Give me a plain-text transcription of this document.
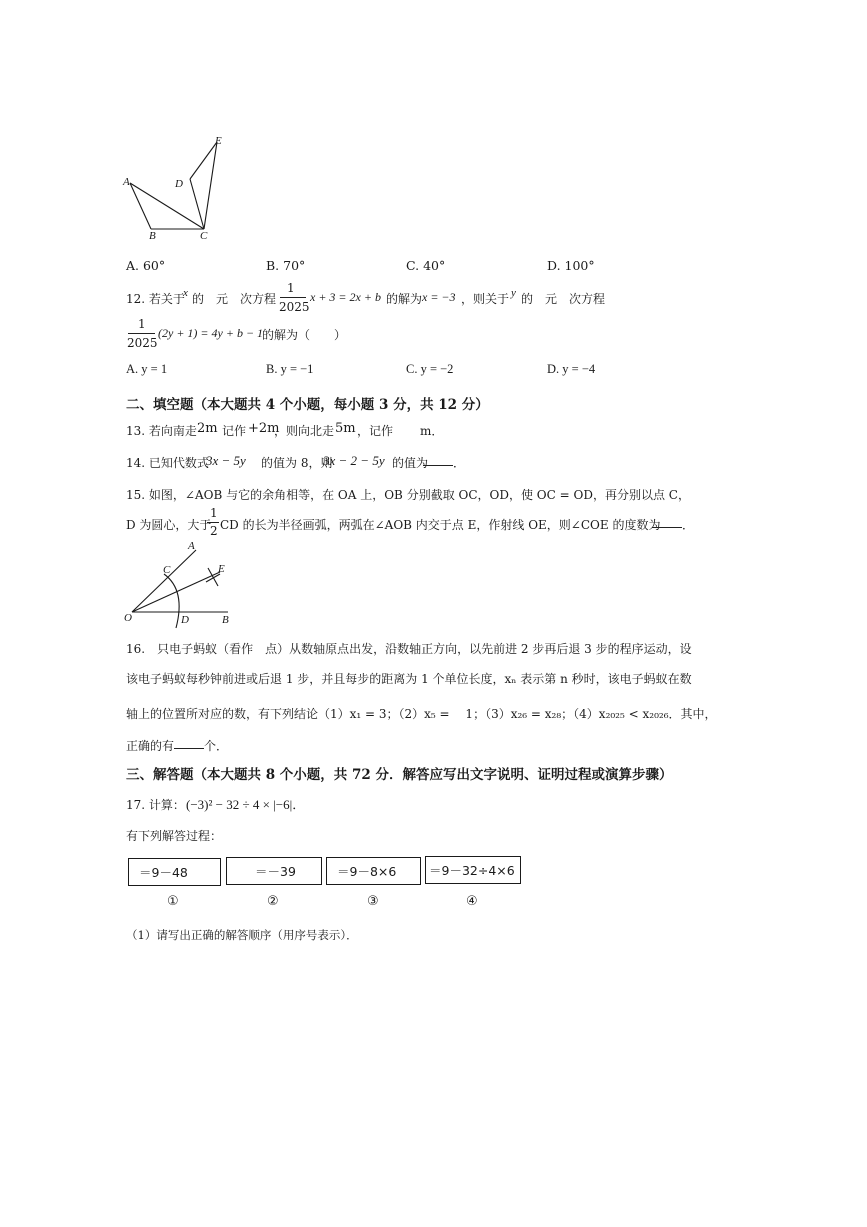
E
A	D
B	C
A. 60°	B. 70°	C. 40°	D. 100°
12. 若关于
x 的　元　次方程
1
2025
x + 3 = 2x + b 的解为 x = −3 ，则关于 y 的　元　次方程
1
2025
(2y + 1) = 4y + b − 1
的解为（　　）
A. y = 1	B. y = −1	C. y = −2	D. y = −4
二、填空题（本大题共 4 个小题，每小题 3 分，共 12 分）
13. 若向南走 2m 记作 +2m
，则向北走 5m ，记作 m．
14. 已知代数式
3x − 5y 的值为 8，则
3x − 2 − 5y 的值为 ．
15. 如图，∠AOB 与它的余角相等，在 OA 上，OB 分别截取 OC，OD，使 OC = OD，再分别以点 C，
D 为圆心，大于
1
2 CD 的长为半径画弧，两弧在∠AOB 内交于点 E，作射线 OE，则∠COE 的度数为 ．
A
C	E
O	D	B
16.　只电子蚂蚁（看作　点）从数轴原点出发，沿数轴正方向，以先前进 2 步再后退 3 步的程序运动，设
该电子蚂蚁每秒钟前进或后退 1 步，并且每步的距离为 1 个单位长度，xₙ 表示第 n 秒时，该电子蚂蚁在数
轴上的位置所对应的数，有下列结论（1）x₁ = 3；（2）x₅ = 　1；（3）x₂₆ = x₂₈；（4）x₂₀₂₅ < x₂₀₂₆．其中，
正确的有 个．
三、解答题（本大题共 8 个小题，共 72 分．解答应写出文字说明、证明过程或演算步骤）
17. 计算： (−3)² − 32 ÷ 4 × |−6|．
有下列解答过程：
＝9－48	＝－39	＝9－8×6	＝9－32÷4×6
①	②	③	④
（1）请写出正确的解答顺序（用序号表示）．
